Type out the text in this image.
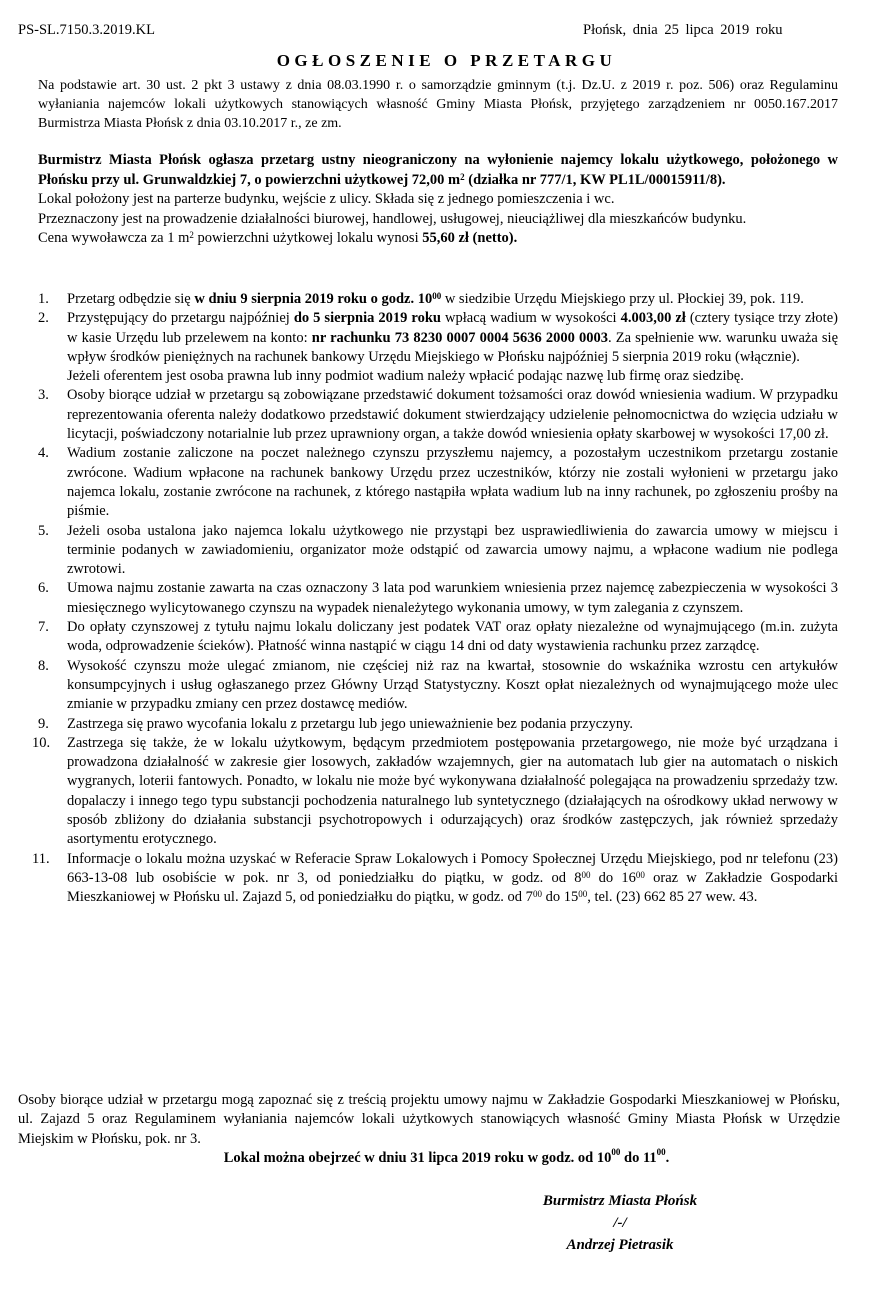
PS-SL.7150.3.2019.KL	Płońsk, dnia 25 lipca 2019 roku
OGŁOSZENIE O PRZETARGU
Na podstawie art. 30 ust. 2 pkt 3 ustawy z dnia 08.03.1990 r. o samorządzie gminnym (t.j. Dz.U. z 2019 r. poz. 506) oraz Regulaminu wyłaniania najemców lokali użytkowych stanowiących własność Gminy Miasta Płońsk, przyjętego zarządzeniem nr 0050.167.2017 Burmistrza Miasta Płońsk z dnia 03.10.2017 r., ze zm.

Burmistrz Miasta Płońsk ogłasza przetarg ustny nieograniczony na wyłonienie najemcy lokalu użytkowego, położonego w Płońsku przy ul. Grunwaldzkiej 7, o powierzchni użytkowej 72,00 $m^2$ (działka nr 777/1, KW PL1L/00015911/8).

Lokal położony jest na parterze budynku, wejście z ulicy. Składa się z jednego pomieszczenia i wc.

Przeznaczony jest na prowadzenie działalności biurowej, handlowej, usługowej, nieuciążliwej dla mieszkańców budynku.

Cena wywoławcza za 1 $m^2$ powierzchni użytkowej lokalu wynosi 55,60 zł (netto).

1. Przetarg odbędzie się w dniu 9 sierpnia 2019 roku o godz. $10^{00}$ w siedzibie Urzędu Miejskiego przy ul. Płockiej 39, pok. 119.
2. Przystępujący do przetargu najpóźniej do 5 sierpnia 2019 roku wpłacą wadium w wysokości 4.003,00 zł (cztery tysiące trzy złote) w kasie Urzędu lub przelewem na konto: nr rachunku 73 8230 0007 0004 5636 2000 0003. Za spełnienie ww. warunku uważa się wpływ środków pieniężnych na rachunek bankowy Urzędu Miejskiego w Płońsku najpóźniej 5 sierpnia 2019 roku (włącznie).
Jeżeli oferentem jest osoba prawna lub inny podmiot wadium należy wpłacić podając nazwę lub firmę oraz siedzibę.
3. Osoby biorące udział w przetargu są zobowiązane przedstawić dokument tożsamości oraz dowód wniesienia wadium. W przypadku reprezentowania oferenta należy dodatkowo przedstawić dokument stwierdzający udzielenie pełnomocnictwa do wzięcia udziału w licytacji, poświadczony notarialnie lub przez uprawniony organ, a także dowód wniesienia opłaty skarbowej w wysokości 17,00 zł.
4. Wadium zostanie zaliczone na poczet należnego czynszu przyszłemu najemcy, a pozostałym uczestnikom przetargu zostanie zwrócone. Wadium wpłacone na rachunek bankowy Urzędu przez uczestników, którzy nie zostali wyłonieni w przetargu jako najemca lokalu, zostanie zwrócone na rachunek, z którego nastąpiła wpłata wadium lub na inny rachunek, po zgłoszeniu prośby na piśmie.
5. Jeżeli osoba ustalona jako najemca lokalu użytkowego nie przystąpi bez usprawiedliwienia do zawarcia umowy w miejscu i terminie podanych w zawiadomieniu, organizator może odstąpić od zawarcia umowy najmu, a wpłacone wadium nie podlega zwrotowi.
6. Umowa najmu zostanie zawarta na czas oznaczony 3 lata pod warunkiem wniesienia przez najemcę zabezpieczenia w wysokości 3 miesięcznego wylicytowanego czynszu na wypadek nienależytego wykonania umowy, w tym zalegania z czynszem.
7. Do opłaty czynszowej z tytułu najmu lokalu doliczany jest podatek VAT oraz opłaty niezależne od wynajmującego (m.in. zużyta woda, odprowadzenie ścieków). Płatność winna nastąpić w ciągu 14 dni od daty wystawienia rachunku przez zarządcę.
8. Wysokość czynszu może ulegać zmianom, nie częściej niż raz na kwartał, stosownie do wskaźnika wzrostu cen artykułów konsumpcyjnych i usług ogłaszanego przez Główny Urząd Statystyczny. Koszt opłat niezależnych od wynajmującego może ulec zmianie w przypadku zmiany cen przez dostawcę mediów.
9. Zastrzega się prawo wycofania lokalu z przetargu lub jego unieważnienie bez podania przyczyny.
10. Zastrzega się także, że w lokalu użytkowym, będącym przedmiotem postępowania przetargowego, nie może być urządzana i prowadzona działalność w zakresie gier losowych, zakładów wzajemnych, gier na automatach lub gier na automatach o niskich wygranych, loterii fantowych. Ponadto, w lokalu nie może być wykonywana działalność polegająca na prowadzeniu sprzedaży tzw. dopalaczy i innego tego typu substancji pochodzenia naturalnego lub syntetycznego (działających na ośrodkowy układ nerwowy w sposób zbliżony do działania substancji psychotropowych i odurzających) oraz środków zastępczych, jak również sprzedaży asortymentu erotycznego.
11. Informacje o lokalu można uzyskać w Referacie Spraw Lokalowych i Pomocy Społecznej Urzędu Miejskiego, pod nr telefonu (23) 663-13-08 lub osobiście w pok. nr 3, od poniedziałku do piątku, w godz. od $8^{00}$ do $16^{00}$ oraz w Zakładzie Gospodarki Mieszkaniowej w Płońsku ul. Zajazd 5, od poniedziałku do piątku, w godz. od $7^{00}$ do $15^{00}$, tel. (23) 662 85 27 wew. 43.
Osoby biorące udział w przetargu mogą zapoznać się z treścią projektu umowy najmu w Zakładzie Gospodarki Mieszkaniowej w Płońsku, ul. Zajazd 5 oraz Regulaminem wyłaniania najemców lokali użytkowych stanowiących własność Gminy Miasta Płońsk w Urzędzie Miejskim w Płońsku, pok. nr 3.
Lokal można obejrzeć w dniu 31 lipca 2019 roku w godz. od $10^{00}$ do $11^{00}$.
Burmistrz Miasta Płońsk
/-/
Andrzej Pietrasik
